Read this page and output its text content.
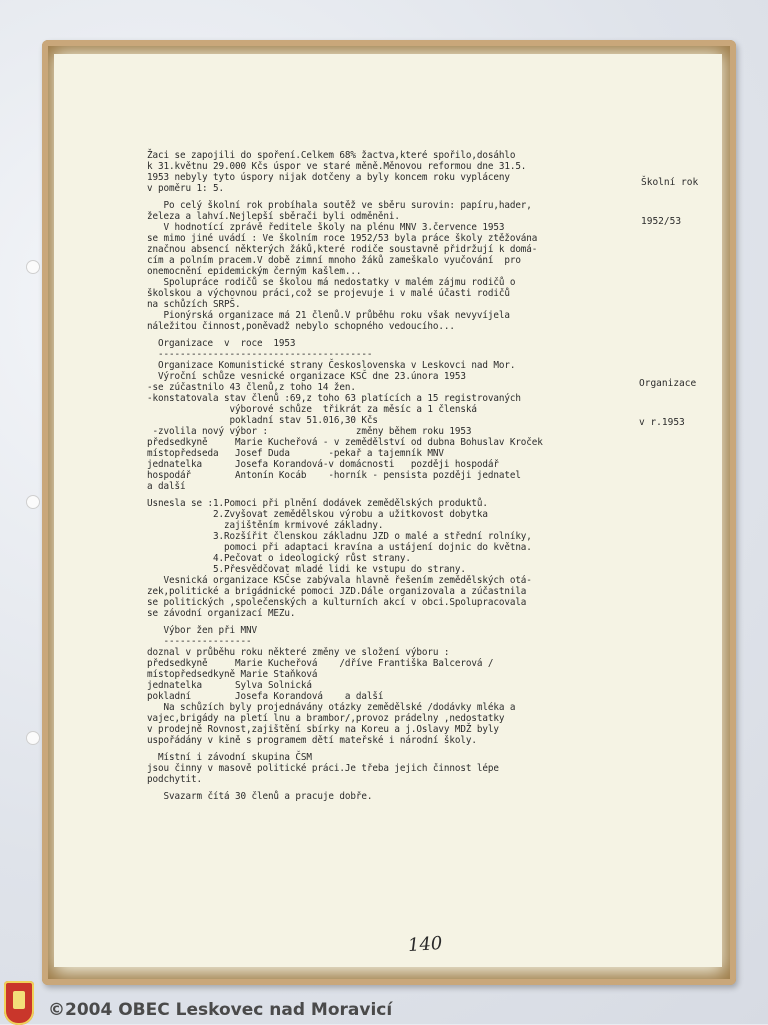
Školní rok

1952/53

Organizace

v r.1953

Žaci se zapojili do spoření.Celkem 68% žactva,které spořilo,dosáhlo
k 31.květnu 29.000 Kčs úspor ve staré měně.Měnovou reformou dne 31.5.
1953 nebyly tyto úspory nijak dotčeny a byly koncem roku vypláceny
v poměru 1: 5.

Po celý školní rok probíhala soutěž ve sběru surovin: papíru,hader,
železa a lahví.Nejlepší sběrači byli odměněni.
V hodnotící zprávě ředitele školy na plénu MNV 3.července 1953
se mimo jiné uvádí : Ve školním roce 1952/53 byla práce školy ztěžována
značnou absencí některých žáků,které rodiče soustavně přidržují k domá-
cím a polním pracem.V době zimní mnoho žáků zameškalo vyučování  pro
onemocnění epidemickým černým kašlem...
Spolupráce rodičů se školou má nedostatky v malém zájmu rodičů o
školskou a výchovnou práci,což se projevuje i v malé účasti rodičů
na schůzích SRPŠ.
Pionýrská organizace má 21 členů.V průběhu roku však nevyvíjela
náležitou činnost,poněvadž nebylo schopného vedoucího...

Organizace  v  roce  1953
---------------------------------------
Organizace Komunistické strany Československa v Leskovci nad Mor.
Výroční schůze vesnické organizace KSČ dne 23.února 1953
-se zúčastnilo 43 členů,z toho 14 žen.
-konstatovala stav členů :69,z toho 63 platících a 15 registrovaných
výborové schůze  třikrát za měsíc a 1 členská
pokladní stav 51.016,30 Kčs
-zvolila nový výbor :                změny během roku 1953
předsedkyně     Marie Kucheřová - v zemědělství od dubna Bohuslav Kroček
místopředseda   Josef Duda       -pekař a tajemník MNV
jednatelka      Josefa Korandová-v domácnosti   později hospodář
hospodář        Antonín Kocáb    -horník - pensista později jednatel
a další

Usnesla se :1.Pomoci při plnění dodávek zemědělských produktů.
2.Zvyšovat zemědělskou výrobu a užitkovost dobytka
zajištěním krmivové základny.
3.Rozšířit členskou základnu JZD o malé a střední rolníky,
pomoci při adaptaci kravína a ustájení dojnic do května.
4.Pečovat o ideologický růst strany.
5.Přesvědčovat mladé lidi ke vstupu do strany.
Vesnická organizace KSČse zabývala hlavně řešením zemědělských otá-
zek,politické a brigádnické pomoci JZD.Dále organizovala a zúčastnila
se politických ,společenských a kulturních akcí v obci.Spolupracovala
se závodní organizací MEZu.

Výbor žen při MNV
----------------
doznal v průběhu roku některé změny ve složení výboru :
předsedkyně     Marie Kucheřová    /dříve Františka Balcerová /
místopředsedkyně Marie Staňková
jednatelka      Sylva Solnická
pokladní        Josefa Korandová    a další
Na schůzích byly projednávány otázky zemědělské /dodávky mléka a
vajec,brigády na pletí lnu a brambor/,provoz prádelny ,nedostatky
v prodejně Rovnost,zajištění sbírky na Koreu a j.Oslavy MDŽ byly
uspořádány v kině s programem dětí mateřské i národní školy.

Místní i závodní skupina ČSM
jsou činny v masově politické práci.Je třeba jejich činnost lépe
podchytit.

Svazarm čítá 30 členů a pracuje dobře.
140
©2004 OBEC Leskovec nad Moravicí
